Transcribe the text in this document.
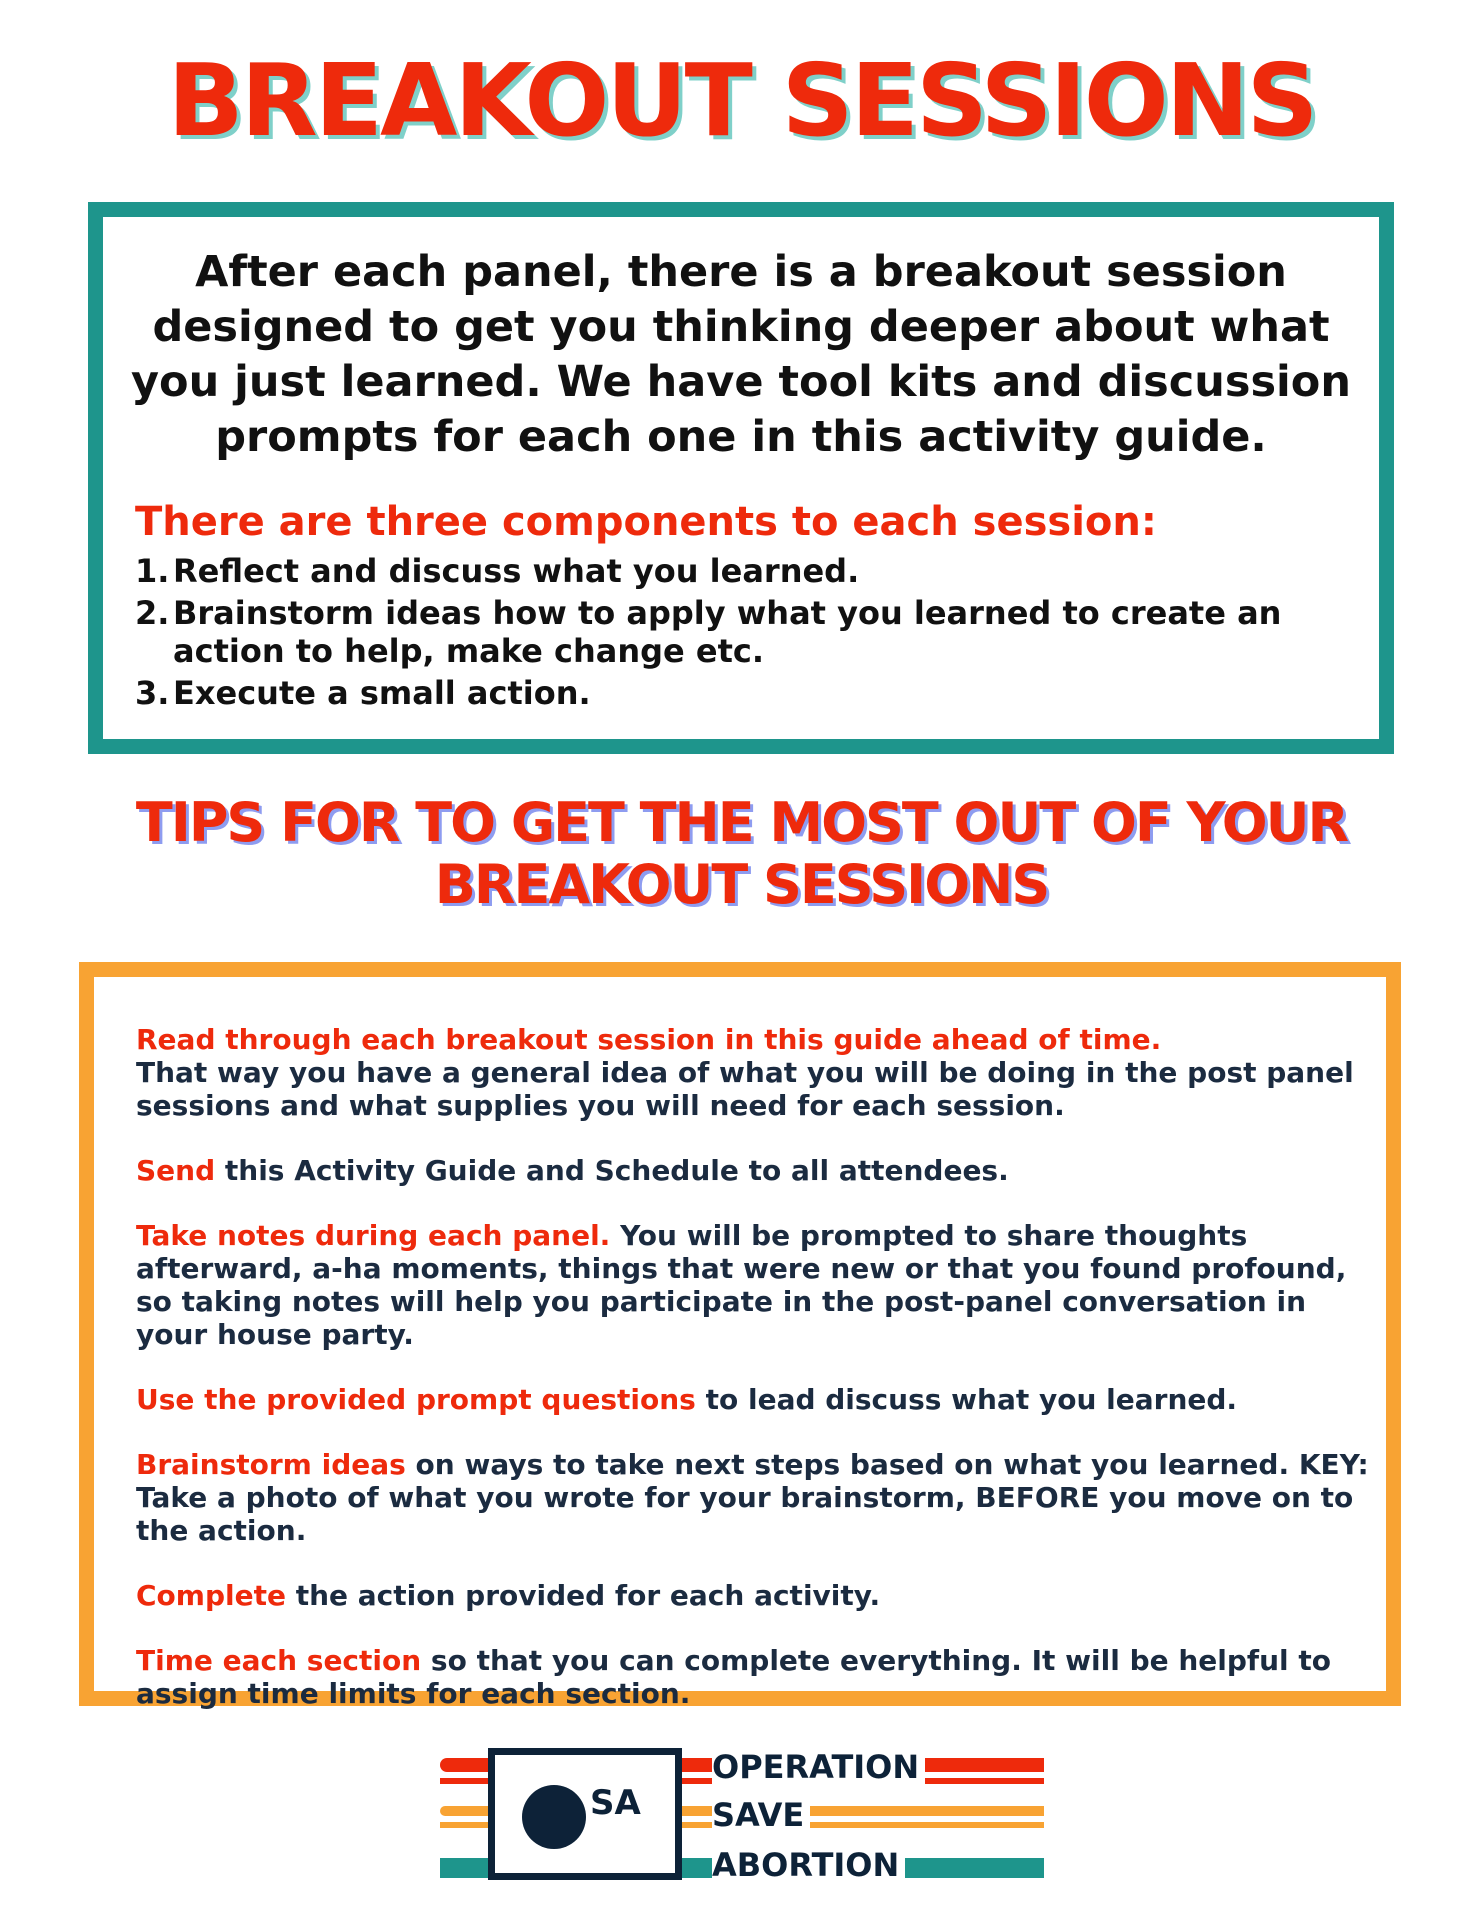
BREAKOUT SESSIONS

After each panel, there is a breakout session designed to get you thinking deeper about what you just learned. We have tool kits and discussion prompts for each one in this activity guide.

There are three components to each session:

1. Reflect and discuss what you learned.
2. Brainstorm ideas how to apply what you learned to create an action to help, make change etc.
3. Execute a small action.
TIPS FOR TO GET THE MOST OUT OF YOUR BREAKOUT SESSIONS

Read through each breakout session in this guide ahead of time.
That way you have a general idea of what you will be doing in the post panel sessions and what supplies you will need for each session.

Send this Activity Guide and Schedule to all attendees.

Take notes during each panel. You will be prompted to share thoughts afterward, a-ha moments, things that were new or that you found profound, so taking notes will help you participate in the post-panel conversation in your house party.

Use the provided prompt questions to lead discuss what you learned.

Brainstorm ideas on ways to take next steps based on what you learned. KEY: Take a photo of what you wrote for your brainstorm, BEFORE you move on to the action.

Complete the action provided for each activity.

Time each section so that you can complete everything. It will be helpful to assign time limits for each section.

SA
OPERATION
SAVE
ABORTION
